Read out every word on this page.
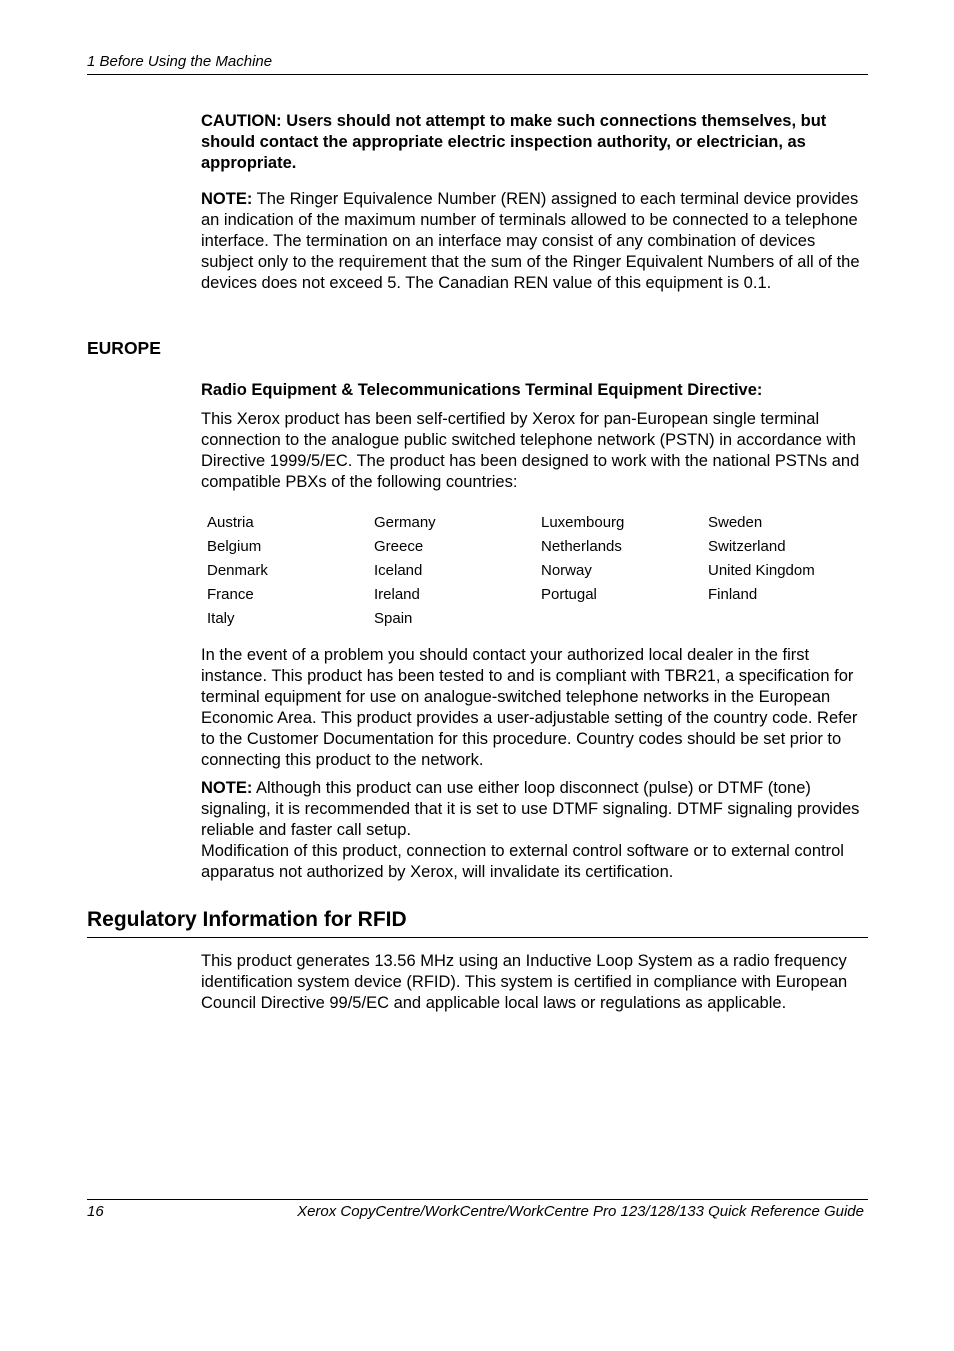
1 Before Using the Machine
CAUTION: Users should not attempt to make such connections themselves, but should contact the appropriate electric inspection authority, or electrician, as appropriate.
NOTE: The Ringer Equivalence Number (REN) assigned to each terminal device provides an indication of the maximum number of terminals allowed to be connected to a telephone interface. The termination on an interface may consist of any combination of devices subject only to the requirement that the sum of the Ringer Equivalent Numbers of all of the devices does not exceed 5. The Canadian REN value of this equipment is 0.1.
EUROPE
Radio Equipment & Telecommunications Terminal Equipment Directive:
This Xerox product has been self-certified by Xerox for pan-European single terminal connection to the analogue public switched telephone network (PSTN) in accordance with Directive 1999/5/EC. The product has been designed to work with the national PSTNs and compatible PBXs of the following countries:
Austria	Germany	Luxembourg	Sweden
Belgium	Greece	Netherlands	Switzerland
Denmark	Iceland	Norway	United Kingdom
France	Ireland	Portugal	Finland
Italy	Spain
In the event of a problem you should contact your authorized local dealer in the first instance. This product has been tested to and is compliant with TBR21, a specification for terminal equipment for use on analogue-switched telephone networks in the European Economic Area. This product provides a user-adjustable setting of the country code. Refer to the Customer Documentation for this procedure. Country codes should be set prior to connecting this product to the network.
NOTE: Although this product can use either loop disconnect (pulse) or DTMF (tone) signaling, it is recommended that it is set to use DTMF signaling. DTMF signaling provides reliable and faster call setup.
Modification of this product, connection to external control software or to external control apparatus not authorized by Xerox, will invalidate its certification.
Regulatory Information for RFID
This product generates 13.56 MHz using an Inductive Loop System as a radio frequency identification system device (RFID). This system is certified in compliance with European Council Directive 99/5/EC and applicable local laws or regulations as applicable.
16	Xerox CopyCentre/WorkCentre/WorkCentre Pro 123/128/133 Quick Reference Guide
